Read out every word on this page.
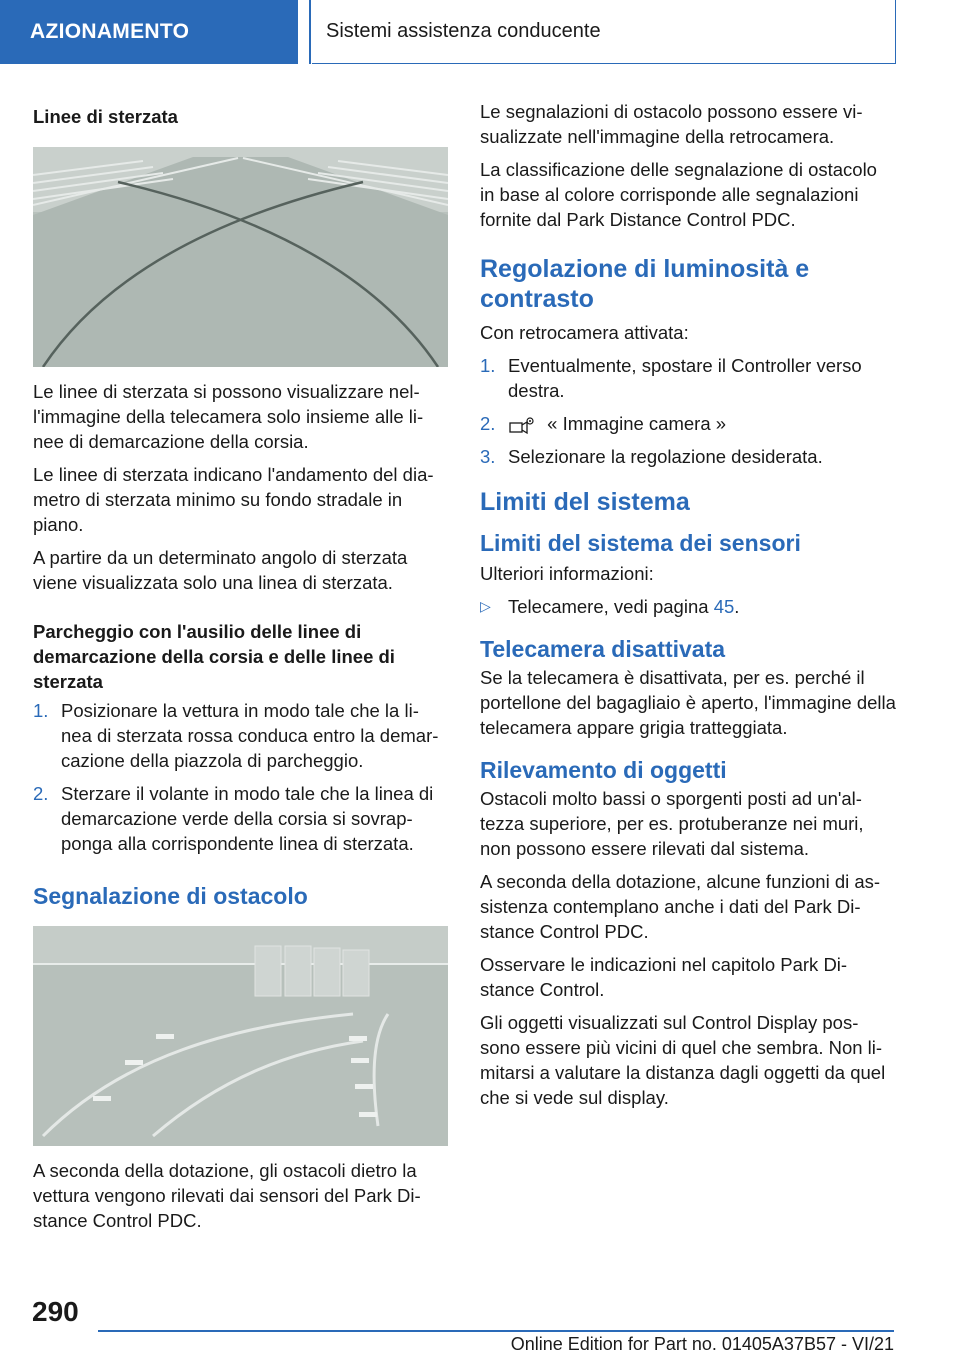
AZIONAMENTO	Sistemi assistenza conducente
Linee di sterzata

Le linee di sterzata si possono visualizzare nel-l'immagine della telecamera solo insieme alle li-nee di demarcazione della corsia.

Le linee di sterzata indicano l'andamento del dia-metro di sterzata minimo su fondo stradale in piano.

A partire da un determinato angolo di sterzata viene visualizzata solo una linea di sterzata.

Parcheggio con l'ausilio delle linee di demarcazione della corsia e delle linee di sterzata
1. Posizionare la vettura in modo tale che la li-nea di sterzata rossa conduca entro la demar-cazione della piazzola di parcheggio.
2. Sterzare il volante in modo tale che la linea di demarcazione verde della corsia si sovrap-ponga alla corrispondente linea di sterzata.
Segnalazione di ostacolo

A seconda della dotazione, gli ostacoli dietro la vettura vengono rilevati dai sensori del Park Di-stance Control PDC.

Le segnalazioni di ostacolo possono essere vi-sualizzate nell'immagine della retrocamera.

La classificazione delle segnalazione di ostacolo in base al colore corrisponde alle segnalazioni fornite dal Park Distance Control PDC.

Regolazione di luminosità e contrasto

Con retrocamera attivata:

1. Eventualmente, spostare il Controller verso destra.
2.	« Immagine camera »
3. Selezionare la regolazione desiderata.
Limiti del sistema
Limiti del sistema dei sensori

Ulteriori informazioni:

▷ Telecamere, vedi pagina 45.
Telecamera disattivata

Se la telecamera è disattivata, per es. perché il portellone del bagagliaio è aperto, l'immagine della telecamera appare grigia tratteggiata.

Rilevamento di oggetti

Ostacoli molto bassi o sporgenti posti ad un'al-tezza superiore, per es. protuberanze nei muri, non possono essere rilevati dal sistema.

A seconda della dotazione, alcune funzioni di as-sistenza contemplano anche i dati del Park Di-stance Control PDC.

Osservare le indicazioni nel capitolo Park Di-stance Control.

Gli oggetti visualizzati sul Control Display pos-sono essere più vicini di quel che sembra. Non li-mitarsi a valutare la distanza dagli oggetti da quel che si vede sul display.

290
Online Edition for Part no. 01405A37B57 - VI/21
